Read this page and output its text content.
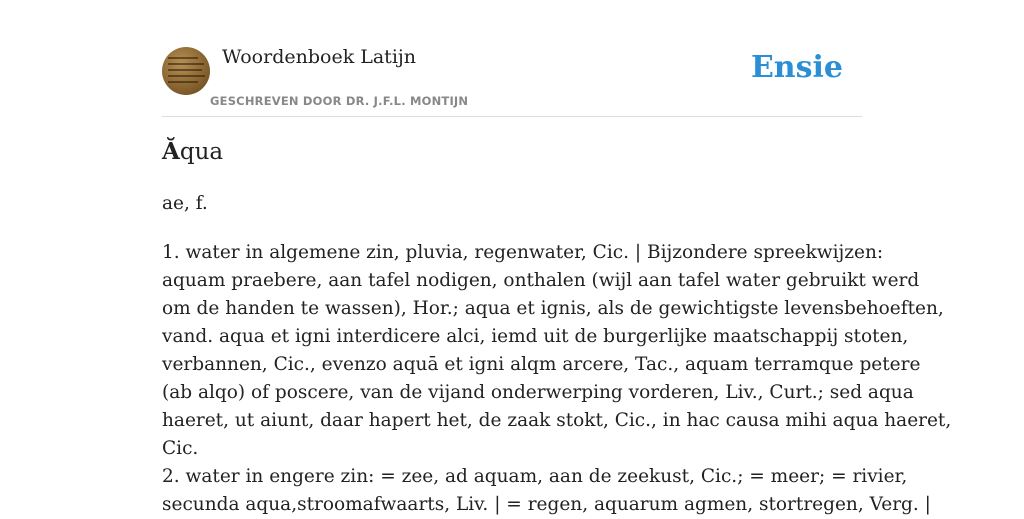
Woordenboek Latijn
GESCHREVEN DOOR DR. J.F.L. MONTIJN
Ensie
Ăqua
ae, f.
1. water in algemene zin, pluvia, regenwater, Cic. | Bijzondere spreekwijzen:
aquam praebere, aan tafel nodigen, onthalen (wijl aan tafel water gebruikt werd
om de handen te wassen), Hor.; aqua et ignis, als de gewichtigste levensbehoeften,
vand. aqua et igni interdicere alci, iemd uit de burgerlijke maatschappij stoten,
verbannen, Cic., evenzo aquā et igni alqm arcere, Tac., aquam terramque petere
(ab alqo) of poscere, van de vijand onderwerping vorderen, Liv., Curt.; sed aqua
haeret, ut aiunt, daar hapert het, de zaak stokt, Cic., in hac causa mihi aqua haeret,
Cic.
2. water in engere zin: = zee, ad aquam, aan de zeekust, Cic.; = meer; = rivier,
secunda aqua,stroomafwaarts, Liv. | = regen, aquarum agmen, stortregen, Verg. |
